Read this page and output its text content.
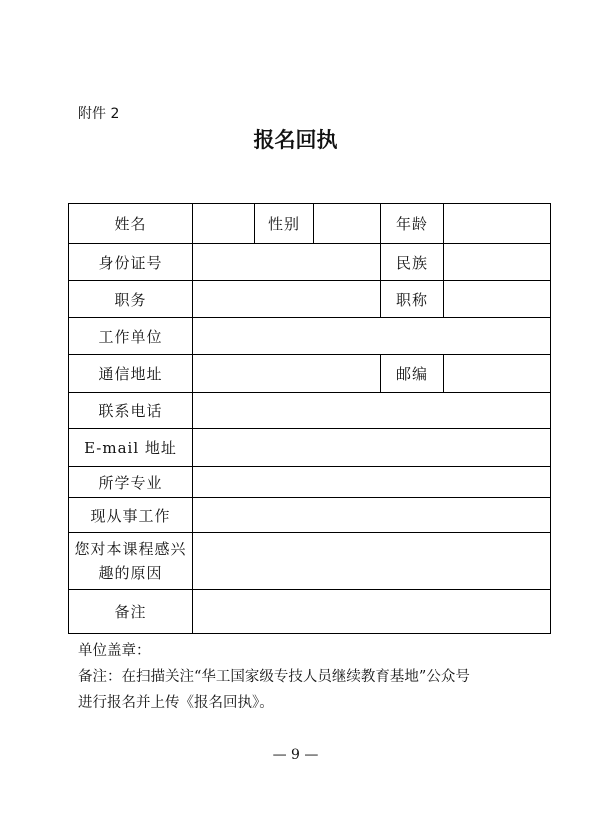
附件 2
报名回执
姓名		性别		年龄	
身份证号				民族	
职务				职称	
工作单位					
通信地址				邮编	
联系电话					
E-mail 地址					
所学专业					
现从事工作					
您对本课程感兴趣的原因					
备注					
单位盖章：
备注：在扫描关注“华工国家级专技人员继续教育基地”公众号
进行报名并上传《报名回执》。
— 9 —
